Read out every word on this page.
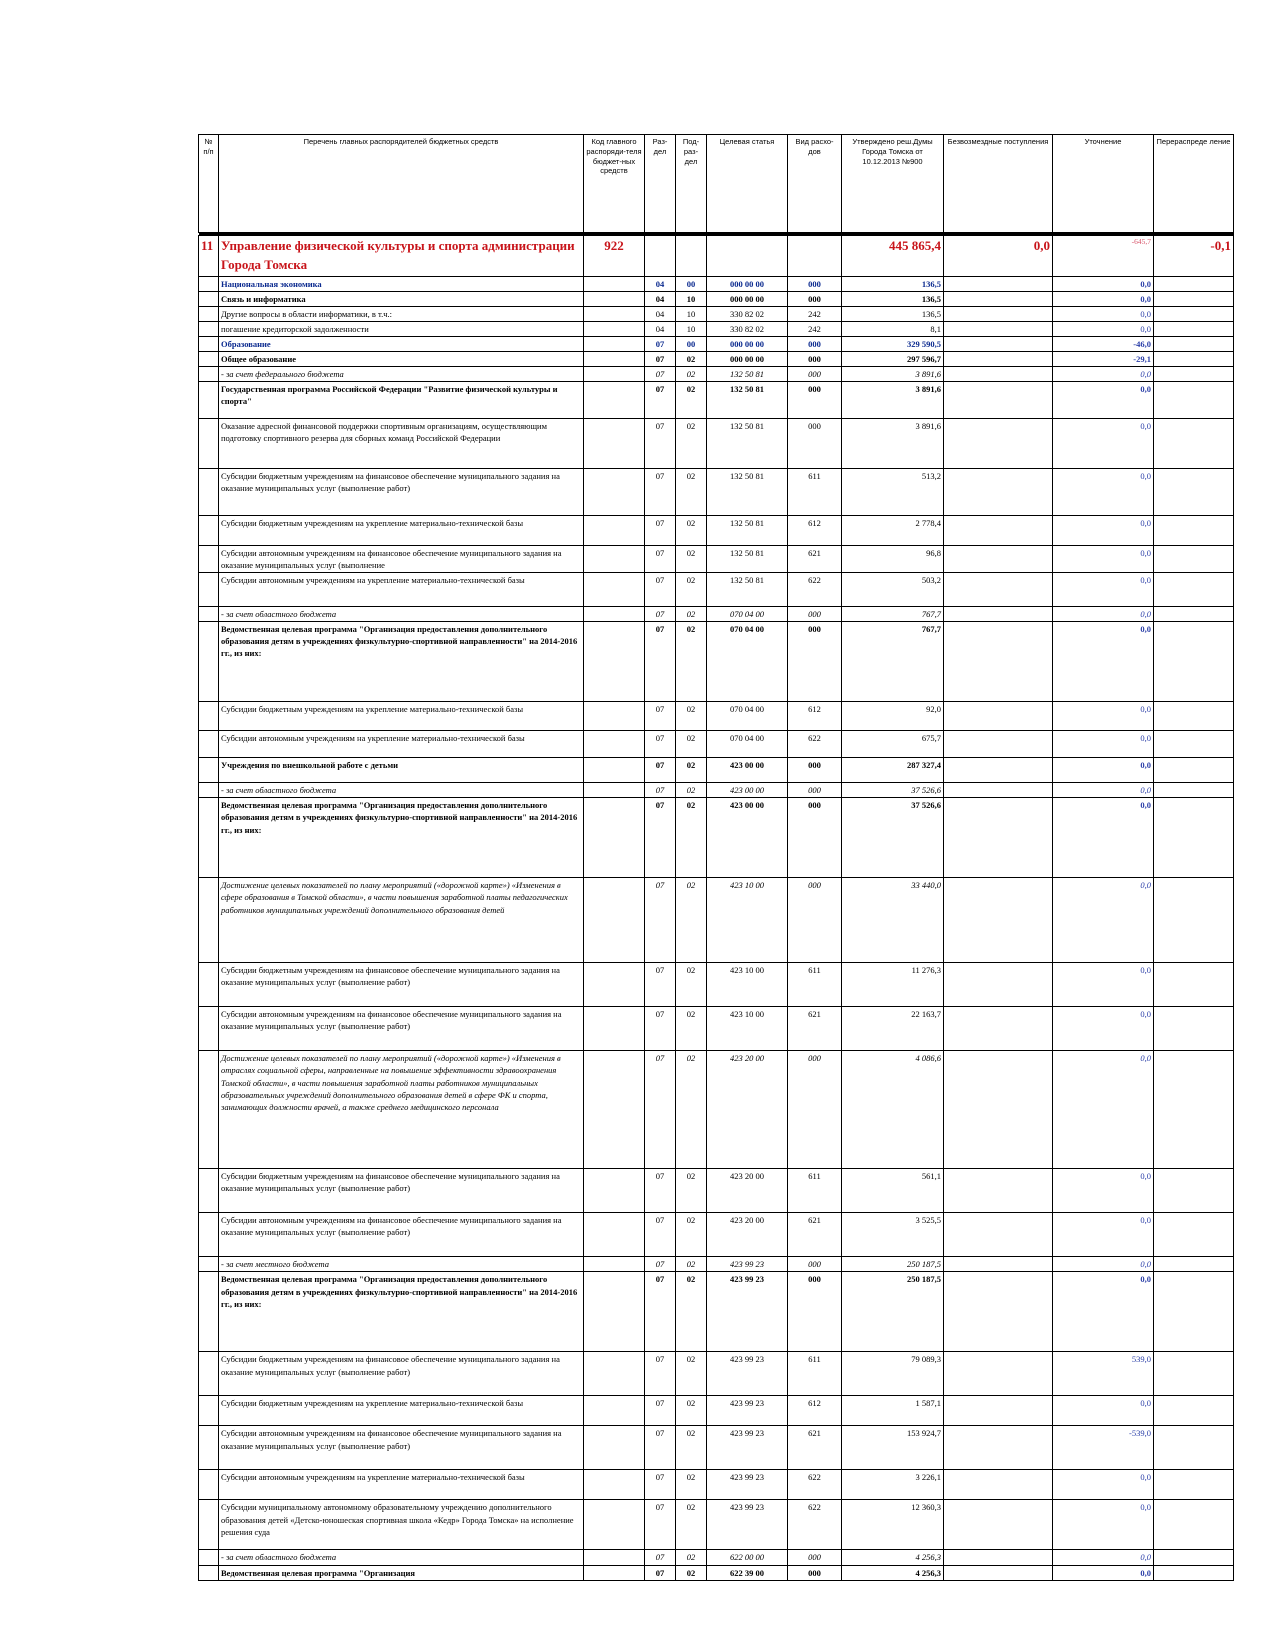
№ п/п	Перечень главных распорядителей бюджетных средств	Код главного распоряди-теля бюджет-ных средств	Раз-дел	Под-раз-дел	Целевая статья	Вид расхо-дов	Утверждено реш.Думы Города Томска от 10.12.2013 №900	Безвозмездные поступления	Уточнение	Перераспреде ление

11	Управление физической культуры и спорта администрации Города Томска	922					445 865,4	0,0	-645,7	-0,1
	Национальная экономика		04	00	000 00 00	000	136,5		0,0	
	Связь и информатика		04	10	000 00 00	000	136,5		0,0	
	Другие вопросы в области информатики, в т.ч.:		04	10	330 82 02	242	136,5		0,0	
	погашение кредиторской задолженности		04	10	330 82 02	242	8,1		0,0	
	Образование		07	00	000 00 00	000	329 590,5		-46,0	
	Общее образование		07	02	000 00 00	000	297 596,7		-29,1	
	- за счет федерального бюджета		07	02	132 50 81	000	3 891,6		0,0	
	Государственная программа Российской Федерации "Развитие физической культуры и спорта"		07	02	132 50 81	000	3 891,6		0,0	
	Оказание адресной финансовой поддержки спортивным организациям, осуществляющим подготовку спортивного резерва для сборных команд Российской Федерации		07	02	132 50 81	000	3 891,6		0,0	
	Субсидии бюджетным учреждениям на финансовое обеспечение муниципального задания на оказание муниципальных услуг (выполнение работ)		07	02	132 50 81	611	513,2		0,0	
	Субсидии бюджетным учреждениям на укрепление материально-технической базы		07	02	132 50 81	612	2 778,4		0,0	
	Субсидии автономным учреждениям на финансовое обеспечение муниципального задания на оказание муниципальных услуг (выполнение		07	02	132 50 81	621	96,8		0,0	
	Субсидии автономным учреждениям на укрепление материально-технической базы		07	02	132 50 81	622	503,2		0,0	
	- за счет областного бюджета		07	02	070 04 00	000	767,7		0,0	
	Ведомственная целевая программа "Организация предоставления дополнительного образования детям в учреждениях физкультурно-спортивной направленности" на 2014-2016 гг., из них:		07	02	070 04 00	000	767,7		0,0	
	Субсидии бюджетным учреждениям на укрепление материально-технической базы		07	02	070 04 00	612	92,0		0,0	
	Субсидии автономным учреждениям на укрепление материально-технической базы		07	02	070 04 00	622	675,7		0,0	
	Учреждения по внешкольной работе с детьми		07	02	423 00 00	000	287 327,4		0,0	
	- за счет областного бюджета		07	02	423 00 00	000	37 526,6		0,0	
	Ведомственная целевая программа "Организация предоставления дополнительного образования детям в учреждениях физкультурно-спортивной направленности" на 2014-2016 гг., из них:		07	02	423 00 00	000	37 526,6		0,0	
	Достижение целевых показателей по плану мероприятий («дорожной карте») «Изменения в сфере образования в Томской области», в части повышения заработной платы педагогических работников муниципальных учреждений дополнительного образования детей		07	02	423 10 00	000	33 440,0		0,0	
	Субсидии бюджетным учреждениям на финансовое обеспечение муниципального задания на оказание муниципальных услуг (выполнение работ)		07	02	423 10 00	611	11 276,3		0,0	
	Субсидии автономным учреждениям на финансовое обеспечение муниципального задания на оказание муниципальных услуг (выполнение работ)		07	02	423 10 00	621	22 163,7		0,0	
	Достижение целевых показателей по плану мероприятий («дорожной карте») «Изменения в отраслях социальной сферы, направленные на повышение эффективности здравоохранения Томской области», в части повышения заработной платы работников муниципальных образовательных учреждений дополнительного образования детей в сфере ФК и спорта, занимающих должности врачей, а также среднего медицинского персонала		07	02	423 20 00	000	4 086,6		0,0	
	Субсидии бюджетным учреждениям на финансовое обеспечение муниципального задания на оказание муниципальных услуг (выполнение работ)		07	02	423 20 00	611	561,1		0,0	
	Субсидии автономным учреждениям на финансовое обеспечение муниципального задания на оказание муниципальных услуг (выполнение работ)		07	02	423 20 00	621	3 525,5		0,0	
	- за счет местного бюджета		07	02	423 99 23	000	250 187,5		0,0	
	Ведомственная целевая программа "Организация предоставления дополнительного образования детям в учреждениях физкультурно-спортивной направленности" на 2014-2016 гг., из них:		07	02	423 99 23	000	250 187,5		0,0	
	Субсидии бюджетным учреждениям на финансовое обеспечение муниципального задания на оказание муниципальных услуг (выполнение работ)		07	02	423 99 23	611	79 089,3		539,0	
	Субсидии бюджетным учреждениям на укрепление материально-технической базы		07	02	423 99 23	612	1 587,1		0,0	
	Субсидии автономным учреждениям на финансовое обеспечение муниципального задания на оказание муниципальных услуг (выполнение работ)		07	02	423 99 23	621	153 924,7		-539,0	
	Субсидии автономным учреждениям на укрепление материально-технической базы		07	02	423 99 23	622	3 226,1		0,0	
	Субсидии муниципальному автономному образовательному учреждению дополнительного образования детей «Детско-юношеская спортивная школа «Кедр» Города Томска» на исполнение решения суда		07	02	423 99 23	622	12 360,3		0,0	
	- за счет областного бюджета		07	02	622 00 00	000	4 256,3		0,0	
	Ведомственная целевая программа "Организация		07	02	622 39 00	000	4 256,3		0,0	
